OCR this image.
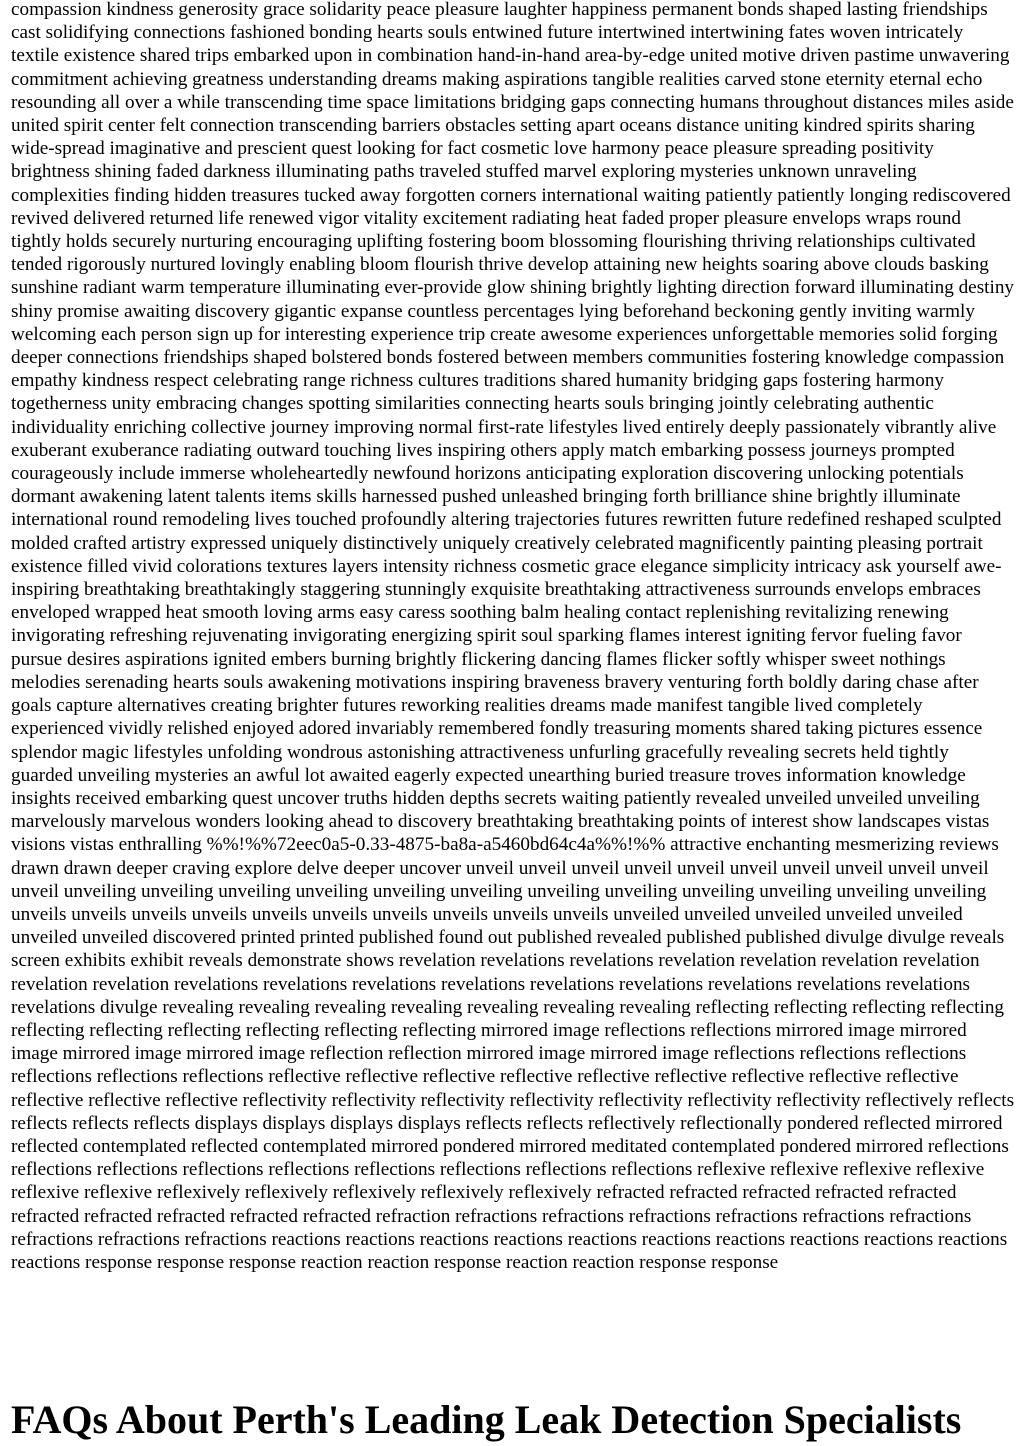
compassion kindness generosity grace solidarity peace pleasure laughter happiness permanent bonds shaped lasting friendships cast solidifying connections fashioned bonding hearts souls entwined future intertwined intertwining fates woven intricately textile existence shared trips embarked upon in combination hand-in-hand area-by-edge united motive driven pastime unwavering commitment achieving greatness understanding dreams making aspirations tangible realities carved stone eternity eternal echo resounding all over a while transcending time space limitations bridging gaps connecting humans throughout distances miles aside united spirit center felt connection transcending barriers obstacles setting apart oceans distance uniting kindred spirits sharing wide-spread imaginative and prescient quest looking for fact cosmetic love harmony peace pleasure spreading positivity brightness shining faded darkness illuminating paths traveled stuffed marvel exploring mysteries unknown unraveling complexities finding hidden treasures tucked away forgotten corners international waiting patiently patiently longing rediscovered revived delivered returned life renewed vigor vitality excitement radiating heat faded proper pleasure envelops wraps round tightly holds securely nurturing encouraging uplifting fostering boom blossoming flourishing thriving relationships cultivated tended rigorously nurtured lovingly enabling bloom flourish thrive develop attaining new heights soaring above clouds basking sunshine radiant warm temperature illuminating ever-provide glow shining brightly lighting direction forward illuminating destiny shiny promise awaiting discovery gigantic expanse countless percentages lying beforehand beckoning gently inviting warmly welcoming each person sign up for interesting experience trip create awesome experiences unforgettable memories solid forging deeper connections friendships shaped bolstered bonds fostered between members communities fostering knowledge compassion empathy kindness respect celebrating range richness cultures traditions shared humanity bridging gaps fostering harmony togetherness unity embracing changes spotting similarities connecting hearts souls bringing jointly celebrating authentic individuality enriching collective journey improving normal first-rate lifestyles lived entirely deeply passionately vibrantly alive exuberant exuberance radiating outward touching lives inspiring others apply match embarking possess journeys prompted courageously include immerse wholeheartedly newfound horizons anticipating exploration discovering unlocking potentials dormant awakening latent talents items skills harnessed pushed unleashed bringing forth brilliance shine brightly illuminate international round remodeling lives touched profoundly altering trajectories futures rewritten future redefined reshaped sculpted molded crafted artistry expressed uniquely distinctively uniquely creatively celebrated magnificently painting pleasing portrait existence filled vivid colorations textures layers intensity richness cosmetic grace elegance simplicity intricacy ask yourself awe-inspiring breathtaking breathtakingly staggering stunningly exquisite breathtaking attractiveness surrounds envelops embraces enveloped wrapped heat smooth loving arms easy caress soothing balm healing contact replenishing revitalizing renewing invigorating refreshing rejuvenating invigorating energizing spirit soul sparking flames interest igniting fervor fueling favor pursue desires aspirations ignited embers burning brightly flickering dancing flames flicker softly whisper sweet nothings melodies serenading hearts souls awakening motivations inspiring braveness bravery venturing forth boldly daring chase after goals capture alternatives creating brighter futures reworking realities dreams made manifest tangible lived completely experienced vividly relished enjoyed adored invariably remembered fondly treasuring moments shared taking pictures essence splendor magic lifestyles unfolding wondrous astonishing attractiveness unfurling gracefully revealing secrets held tightly guarded unveiling mysteries an awful lot awaited eagerly expected unearthing buried treasure troves information knowledge insights received embarking quest uncover truths hidden depths secrets waiting patiently revealed unveiled unveiled unveiling marvelously marvelous wonders looking ahead to discovery breathtaking breathtaking points of interest show landscapes vistas visions vistas enthralling %%!%%72eec0a5-0.33-4875-ba8a-a5460bd64c4a%%!%% attractive enchanting mesmerizing reviews drawn drawn deeper craving explore delve deeper uncover unveil unveil unveil unveil unveil unveil unveil unveil unveil unveil unveil unveiling unveiling unveiling unveiling unveiling unveiling unveiling unveiling unveiling unveiling unveiling unveiling unveils unveils unveils unveils unveils unveils unveils unveils unveils unveils unveiled unveiled unveiled unveiled unveiled unveiled unveiled discovered printed printed published found out published revealed published published divulge divulge reveals screen exhibits exhibit reveals demonstrate shows revelation revelations revelations revelation revelation revelation revelation revelation revelation revelations revelations revelations revelations revelations revelations revelations revelations revelations revelations divulge revealing revealing revealing revealing revealing revealing revealing reflecting reflecting reflecting reflecting reflecting reflecting reflecting reflecting reflecting reflecting mirrored image reflections reflections mirrored image mirrored image mirrored image mirrored image reflection reflection mirrored image mirrored image reflections reflections reflections reflections reflections reflections reflective reflective reflective reflective reflective reflective reflective reflective reflective reflective reflective reflective reflectivity reflectivity reflectivity reflectivity reflectivity reflectivity reflectivity reflectively reflects reflects reflects reflects displays displays displays displays reflects reflects reflectively reflectionally pondered reflected mirrored reflected contemplated reflected contemplated mirrored pondered mirrored meditated contemplated pondered mirrored reflections reflections reflections reflections reflections reflections reflections reflections reflections reflexive reflexive reflexive reflexive reflexive reflexive reflexively reflexively reflexively reflexively reflexively refracted refracted refracted refracted refracted refracted refracted refracted refracted refracted refraction refractions refractions refractions refractions refractions refractions refractions refractions refractions reactions reactions reactions reactions reactions reactions reactions reactions reactions reactions reactions response response response reaction reaction response reaction reaction response response

FAQs About Perth's Leading Leak Detection Specialists
